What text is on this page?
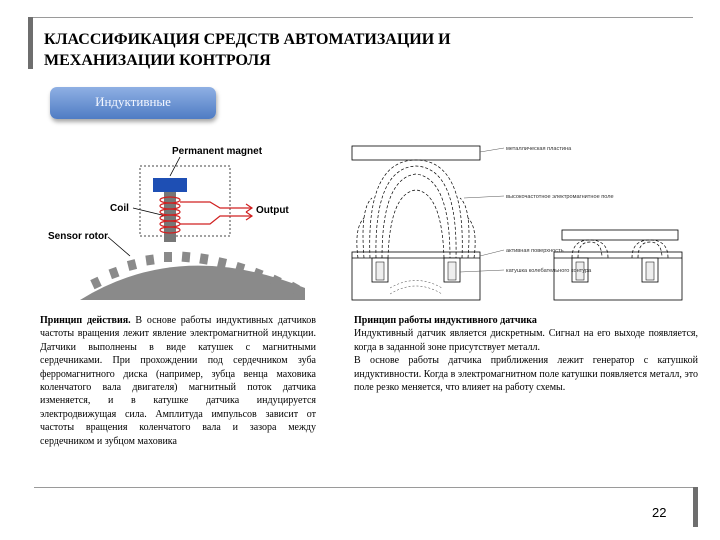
КЛАССИФИКАЦИЯ СРЕДСТВ АВТОМАТИЗАЦИИ И
МЕХАНИЗАЦИИ КОНТРОЛЯ
Индуктивные
Permanent magnet
Coil	Output
Sensor rotor
металлическая пластина
высокочастотное электромагнитное поле
активная поверхность
катушка колебательного контура
Принцип действия. В основе работы индуктивных датчиков частоты вращения лежит явление электромагнитной индукции. Датчики выполнены в виде катушек с магнитными сердечниками. При прохождении под сердечником зуба ферромагнитного диска (например, зубца венца маховика коленчатого вала двигателя) магнитный поток датчика изменяется, и в катушке датчика индуцируется электродвижущая сила. Амплитуда импульсов зависит от частоты вращения коленчатого вала и зазора между сердечником и зубцом маховика
Принцип работы индуктивного датчика
Индуктивный датчик является дискретным. Сигнал на его выходе появляется, когда в заданной зоне присутствует металл.
В основе работы датчика приближения лежит генератор с катушкой индуктивности. Когда в электромагнитном поле катушки появляется металл, это поле резко меняется, что влияет на работу схемы.
22
